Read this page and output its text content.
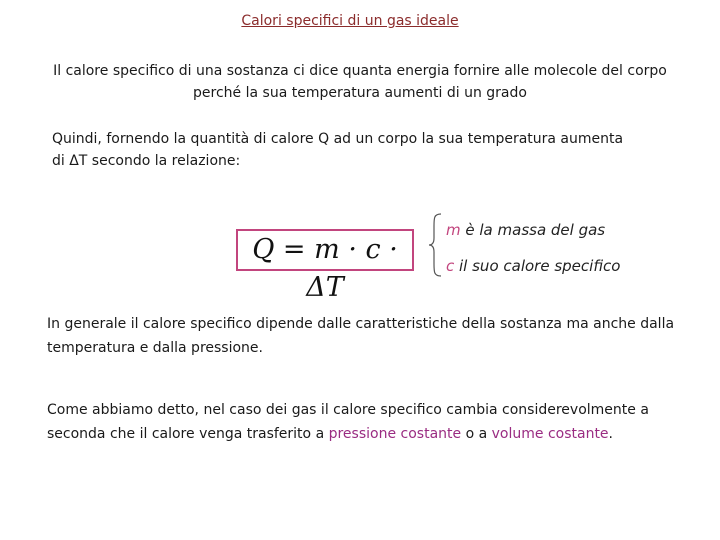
Calori specifici di un gas ideale
Il calore specifico di una sostanza ci dice quanta energia fornire alle molecole del corpo perché la sua temperatura aumenti di un grado
Quindi, fornendo la quantità di calore Q ad un corpo la sua temperatura aumenta
di ΔT secondo la relazione:
Q = m · c · ΔT
m è la massa del gas
c il suo calore specifico
In generale il calore specifico dipende dalle caratteristiche della sostanza ma anche dalla temperatura e dalla pressione.
Come abbiamo detto, nel caso dei gas il calore specifico cambia considerevolmente a seconda che il calore venga trasferito a pressione costante o a volume costante.
